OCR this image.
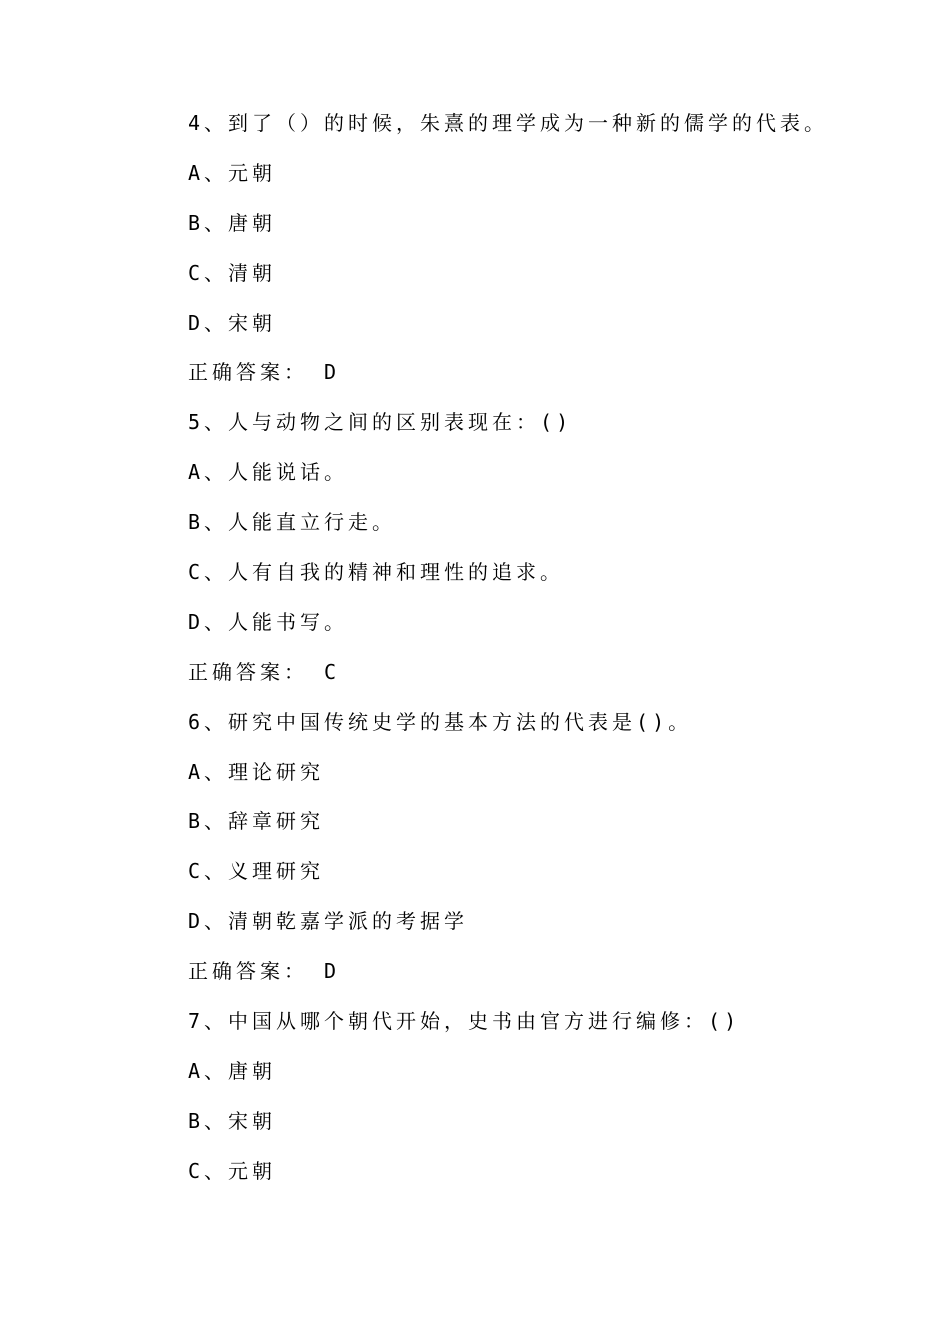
4、到了（）的时候，朱熹的理学成为一种新的儒学的代表。
A、元朝
B、唐朝
C、清朝
D、宋朝
正确答案： D
5、人与动物之间的区别表现在：()
A、人能说话。
B、人能直立行走。
C、人有自我的精神和理性的追求。
D、人能书写。
正确答案： C
6、研究中国传统史学的基本方法的代表是()。
A、理论研究
B、辞章研究
C、义理研究
D、清朝乾嘉学派的考据学
正确答案： D
7、中国从哪个朝代开始，史书由官方进行编修：()
A、唐朝
B、宋朝
C、元朝
